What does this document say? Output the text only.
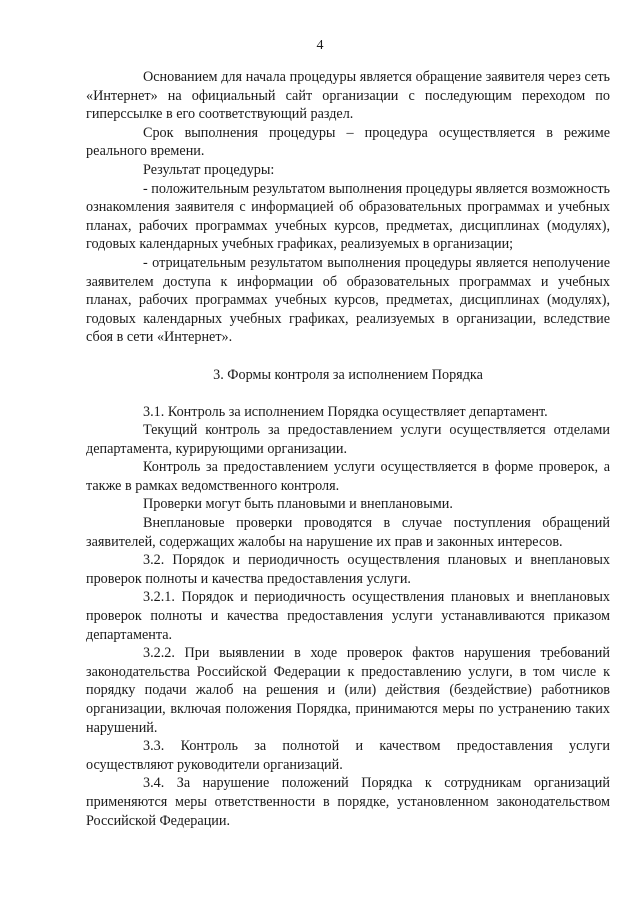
4

Основанием для начала процедуры является обращение заявителя через сеть «Интернет» на официальный сайт организации с последующим переходом по гиперссылке в его соответствующий раздел.

Срок выполнения процедуры – процедура осуществляется в режиме реального времени.

Результат процедуры:

- положительным результатом выполнения процедуры является возможность ознакомления заявителя с информацией об образовательных программах и учебных планах, рабочих программах учебных курсов, предметах, дисциплинах (модулях), годовых календарных учебных графиках, реализуемых в организации;

- отрицательным результатом выполнения процедуры является неполучение заявителем доступа к информации об образовательных программах и учебных планах, рабочих программах учебных курсов, предметах, дисциплинах (модулях), годовых календарных учебных графиках, реализуемых в организации, вследствие сбоя в сети «Интернет».

3. Формы контроля за исполнением Порядка

3.1. Контроль за исполнением Порядка осуществляет департамент.

Текущий контроль за предоставлением услуги осуществляется отделами департамента, курирующими организации.

Контроль за предоставлением услуги осуществляется в форме проверок, а также в рамках ведомственного контроля.

Проверки могут быть плановыми и внеплановыми.

Внеплановые проверки проводятся в случае поступления обращений заявителей, содержащих жалобы на нарушение их прав и законных интересов.

3.2. Порядок и периодичность осуществления плановых и внеплановых проверок полноты и качества предоставления услуги.

3.2.1. Порядок и периодичность осуществления плановых и внеплановых проверок полноты и качества предоставления услуги устанавливаются приказом департамента.

3.2.2. При выявлении в ходе проверок фактов нарушения требований законодательства Российской Федерации к предоставлению услуги, в том числе к порядку подачи жалоб на решения и (или) действия (бездействие) работников организации, включая положения Порядка, принимаются меры по устранению таких нарушений.

3.3. Контроль за полнотой и качеством предоставления услуги осуществляют руководители организаций.

3.4. За нарушение положений Порядка к сотрудникам организаций применяются меры ответственности в порядке, установленном законодательством Российской Федерации.
